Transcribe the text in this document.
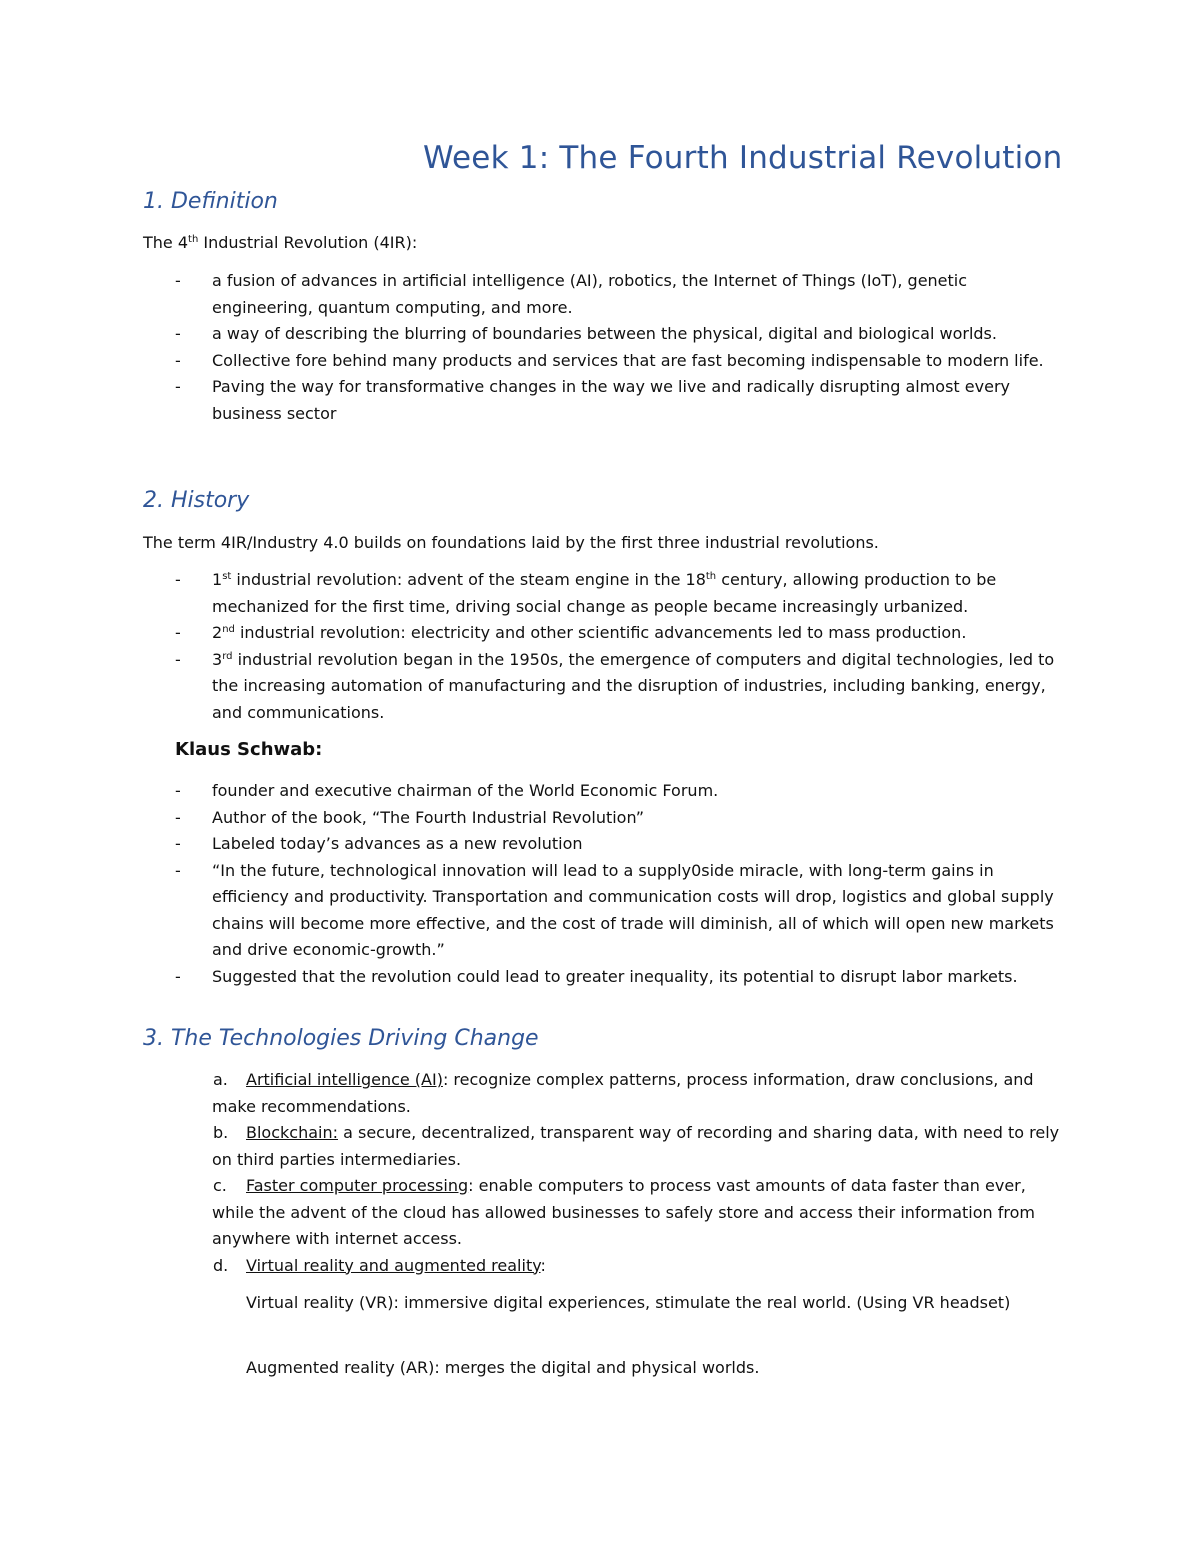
Week 1: The Fourth Industrial Revolution
1. Definition

The 4th Industrial Revolution (4IR):

- a fusion of advances in artificial intelligence (AI), robotics, the Internet of Things (IoT), genetic engineering, quantum computing, and more.
- a way of describing the blurring of boundaries between the physical, digital and biological worlds.
- Collective fore behind many products and services that are fast becoming indispensable to modern life.
- Paving the way for transformative changes in the way we live and radically disrupting almost every business sector
2. History

The term 4IR/Industry 4.0 builds on foundations laid by the first three industrial revolutions.

- 1st industrial revolution: advent of the steam engine in the 18th century, allowing production to be mechanized for the first time, driving social change as people became increasingly urbanized.
- 2nd industrial revolution: electricity and other scientific advancements led to mass production.
- 3rd industrial revolution began in the 1950s, the emergence of computers and digital technologies, led to the increasing automation of manufacturing and the disruption of industries, including banking, energy, and communications.
Klaus Schwab:
- founder and executive chairman of the World Economic Forum.
- Author of the book, “The Fourth Industrial Revolution”
- Labeled today’s advances as a new revolution
- “In the future, technological innovation will lead to a supply0side miracle, with long-term gains in efficiency and productivity. Transportation and communication costs will drop, logistics and global supply chains will become more effective, and the cost of trade will diminish, all of which will open new markets and drive economic-growth.”
- Suggested that the revolution could lead to greater inequality, its potential to disrupt labor markets.
3. The Technologies Driving Change
a. Artificial intelligence (AI): recognize complex patterns, process information, draw conclusions, and make recommendations.
b. Blockchain: a secure, decentralized, transparent way of recording and sharing data, with need to rely on third parties intermediaries.
c. Faster computer processing: enable computers to process vast amounts of data faster than ever, while the advent of the cloud has allowed businesses to safely store and access their information from anywhere with internet access.
d. Virtual reality and augmented reality:

Virtual reality (VR): immersive digital experiences, stimulate the real world. (Using VR headset)

Augmented reality (AR): merges the digital and physical worlds.
